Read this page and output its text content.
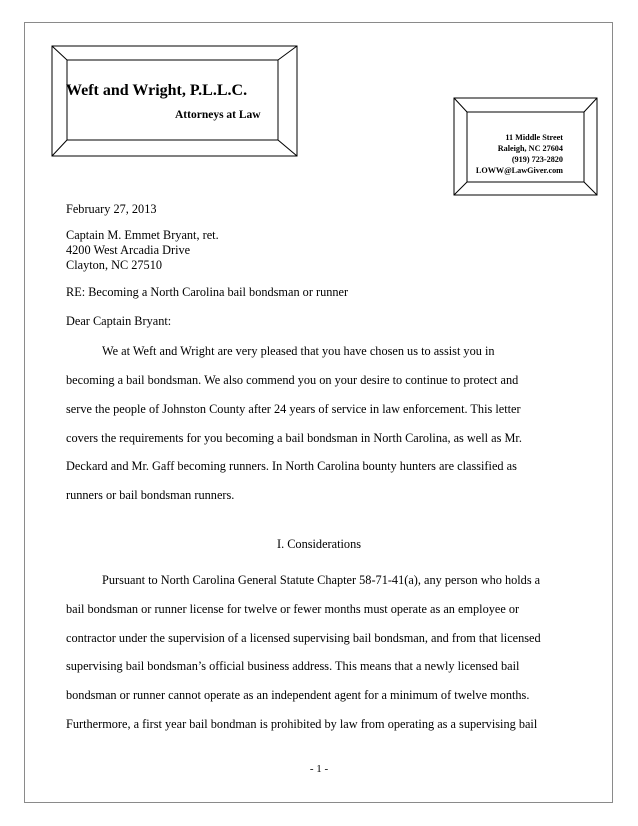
Weft and Wright, P.L.L.C.
Attorneys at Law
11 Middle Street
Raleigh, NC 27604
(919) 723-2820
LOWW@LawGiver.com
February 27, 2013
Captain M. Emmet Bryant, ret.
4200 West Arcadia Drive
Clayton, NC 27510
RE: Becoming a North Carolina bail bondsman or runner
Dear Captain Bryant:
We at Weft and Wright are very pleased that you have chosen us to assist you in
becoming a bail bondsman. We also commend you on your desire to continue to protect and
serve the people of Johnston County after 24 years of service in law enforcement. This letter
covers the requirements for you becoming a bail bondsman in North Carolina, as well as Mr.
Deckard and Mr. Gaff becoming runners. In North Carolina bounty hunters are classified as
runners or bail bondsman runners.
I. Considerations
Pursuant to North Carolina General Statute Chapter 58-71-41(a), any person who holds a
bail bondsman or runner license for twelve or fewer months must operate as an employee or
contractor under the supervision of a licensed supervising bail bondsman, and from that licensed
supervising bail bondsman’s official business address. This means that a newly licensed bail
bondsman or runner cannot operate as an independent agent for a minimum of twelve months.
Furthermore, a first year bail bondman is prohibited by law from operating as a supervising bail
- 1 -
